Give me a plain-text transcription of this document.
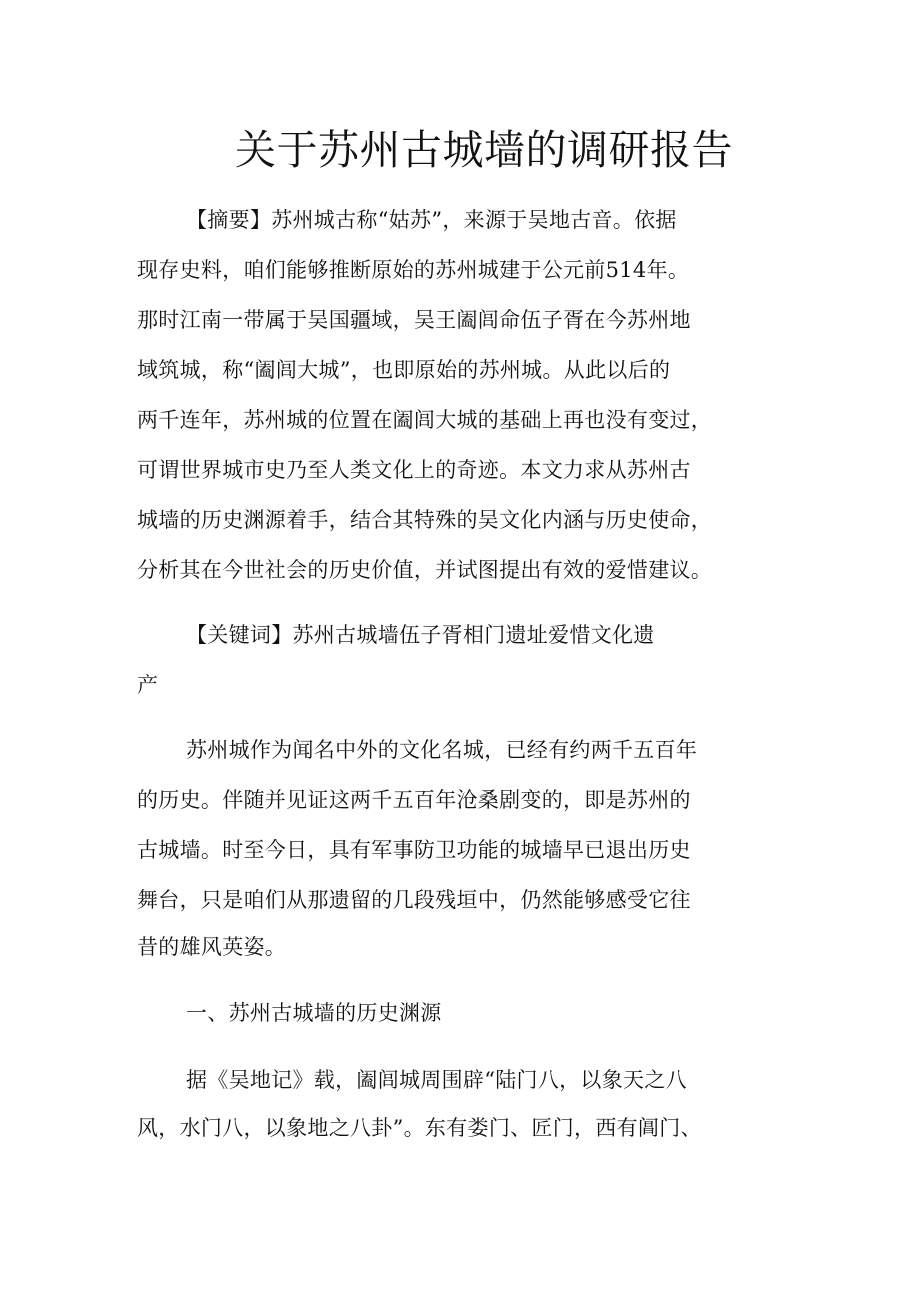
关于苏州古城墙的调研报告
【摘要】苏州城古称“姑苏”，来源于吴地古音。依据
现存史料，咱们能够推断原始的苏州城建于公元前514年。
那时江南一带属于吴国疆域，吴王阖闾命伍子胥在今苏州地
域筑城，称“阖闾大城”，也即原始的苏州城。从此以后的
两千连年，苏州城的位置在阖闾大城的基础上再也没有变过，
可谓世界城市史乃至人类文化上的奇迹。本文力求从苏州古
城墙的历史渊源着手，结合其特殊的吴文化内涵与历史使命，
分析其在今世社会的历史价值，并试图提出有效的爱惜建议。
【关键词】苏州古城墙伍子胥相门遗址爱惜文化遗
产
苏州城作为闻名中外的文化名城，已经有约两千五百年
的历史。伴随并见证这两千五百年沧桑剧变的，即是苏州的
古城墙。时至今日，具有军事防卫功能的城墙早已退出历史
舞台，只是咱们从那遗留的几段残垣中，仍然能够感受它往
昔的雄风英姿。
一、苏州古城墙的历史渊源
据《吴地记》载，阖闾城周围辟“陆门八，以象天之八
风，水门八，以象地之八卦”。东有娄门、匠门，西有阊门、
